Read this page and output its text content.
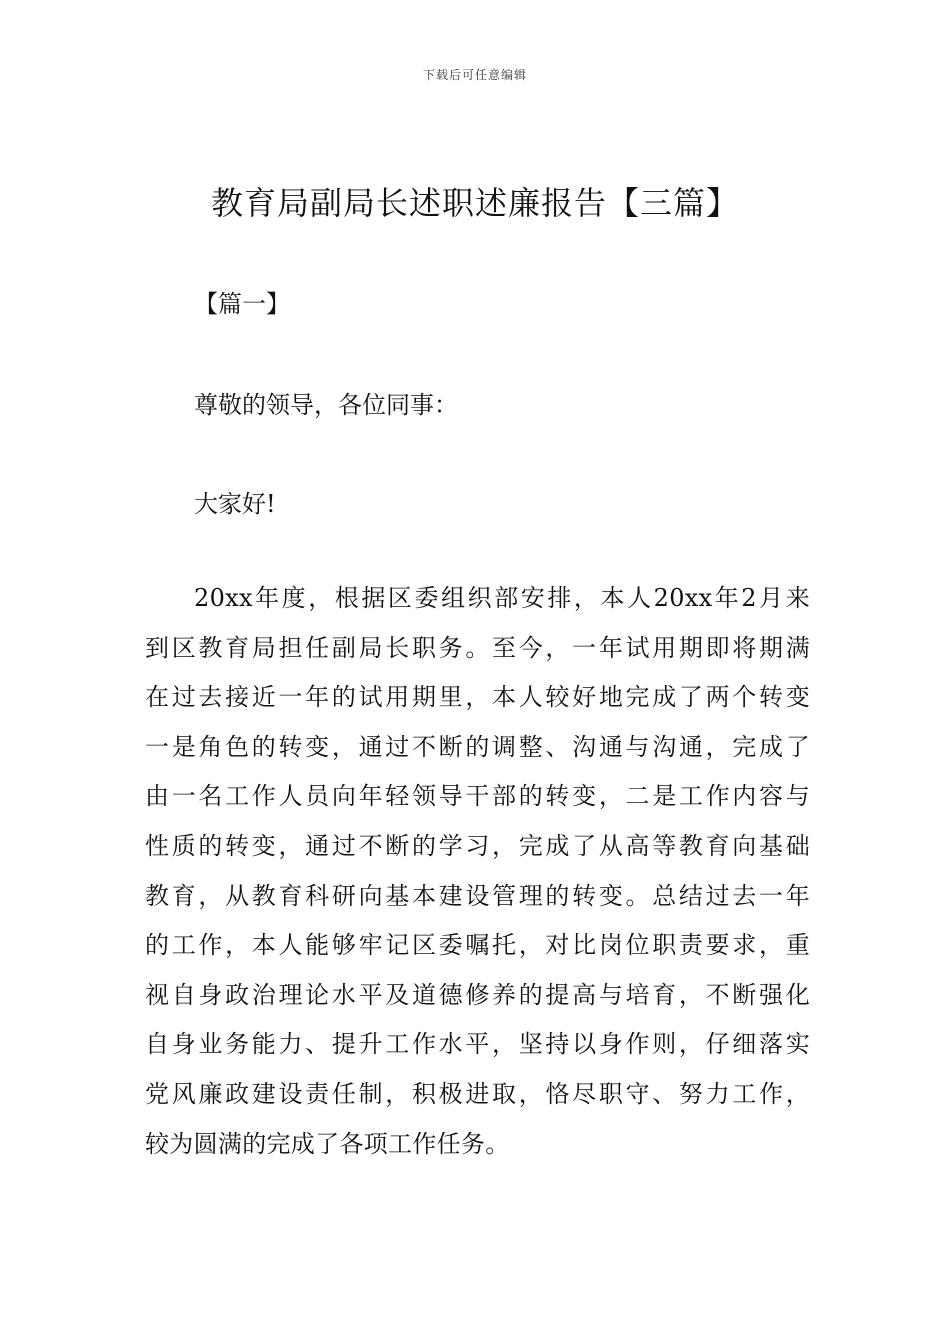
下载后可任意编辑
教育局副局长述职述廉报告【三篇】
【篇一】

尊敬的领导，各位同事：

大家好!

20xx年度，根据区委组织部安排，本人20xx年2月来
到区教育局担任副局长职务。至今，一年试用期即将期满
在过去接近一年的试用期里，本人较好地完成了两个转变
一是角色的转变，通过不断的调整、沟通与沟通，完成了
由一名工作人员向年轻领导干部的转变，二是工作内容与
性质的转变，通过不断的学习，完成了从高等教育向基础
教育，从教育科研向基本建设管理的转变。总结过去一年
的工作，本人能够牢记区委嘱托，对比岗位职责要求，重
视自身政治理论水平及道德修养的提高与培育，不断强化
自身业务能力、提升工作水平，坚持以身作则，仔细落实
党风廉政建设责任制，积极进取，恪尽职守、努力工作，
较为圆满的完成了各项工作任务。
